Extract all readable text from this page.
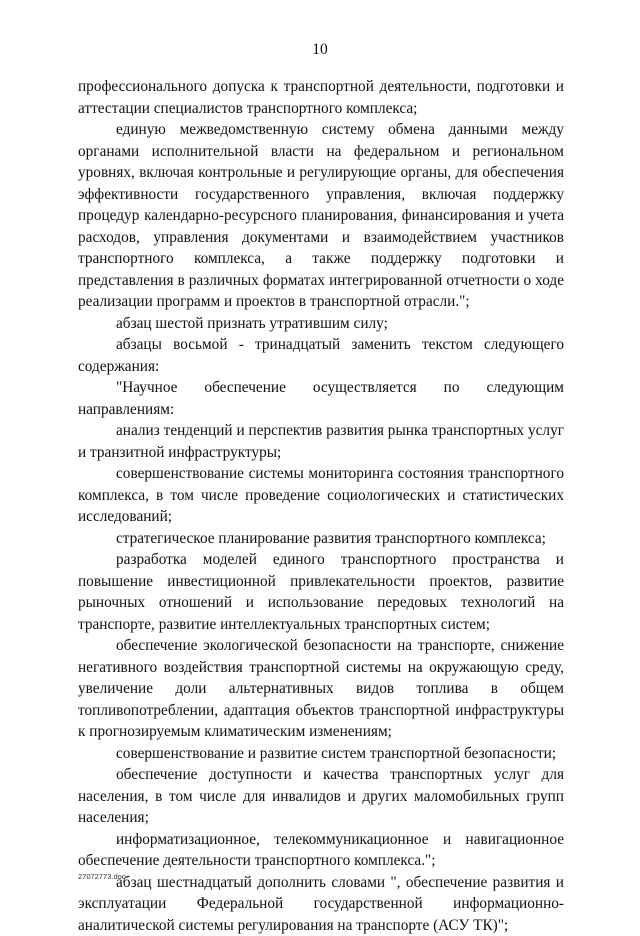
10

профессионального допуска к транспортной деятельности, подготовки и аттестации специалистов транспортного комплекса;

единую межведомственную систему обмена данными между органами исполнительной власти на федеральном и региональном уровнях, включая контрольные и регулирующие органы, для обеспечения эффективности государственного управления, включая поддержку процедур календарно-ресурсного планирования, финансирования и учета расходов, управления документами и взаимодействием участников транспортного комплекса, а также поддержку подготовки и представления в различных форматах интегрированной отчетности о ходе реализации программ и проектов в транспортной отрасли.";

абзац шестой признать утратившим силу;

абзацы восьмой - тринадцатый заменить текстом следующего содержания:

"Научное обеспечение осуществляется по следующим направлениям:

анализ тенденций и перспектив развития рынка транспортных услуг и транзитной инфраструктуры;

совершенствование системы мониторинга состояния транспортного комплекса, в том числе проведение социологических и статистических исследований;

стратегическое планирование развития транспортного комплекса;

разработка моделей единого транспортного пространства и повышение инвестиционной привлекательности проектов, развитие рыночных отношений и использование передовых технологий на транспорте, развитие интеллектуальных транспортных систем;

обеспечение экологической безопасности на транспорте, снижение негативного воздействия транспортной системы на окружающую среду, увеличение доли альтернативных видов топлива в общем топливопотреблении, адаптация объектов транспортной инфраструктуры к прогнозируемым климатическим изменениям;

совершенствование и развитие систем транспортной безопасности;

обеспечение доступности и качества транспортных услуг для населения, в том числе для инвалидов и других маломобильных групп населения;

информатизационное, телекоммуникационное и навигационное обеспечение деятельности транспортного комплекса.";

абзац шестнадцатый дополнить словами ", обеспечение развития и эксплуатации Федеральной государственной информационно-аналитической системы регулирования на транспорте (АСУ ТК)";

27072773.doc
